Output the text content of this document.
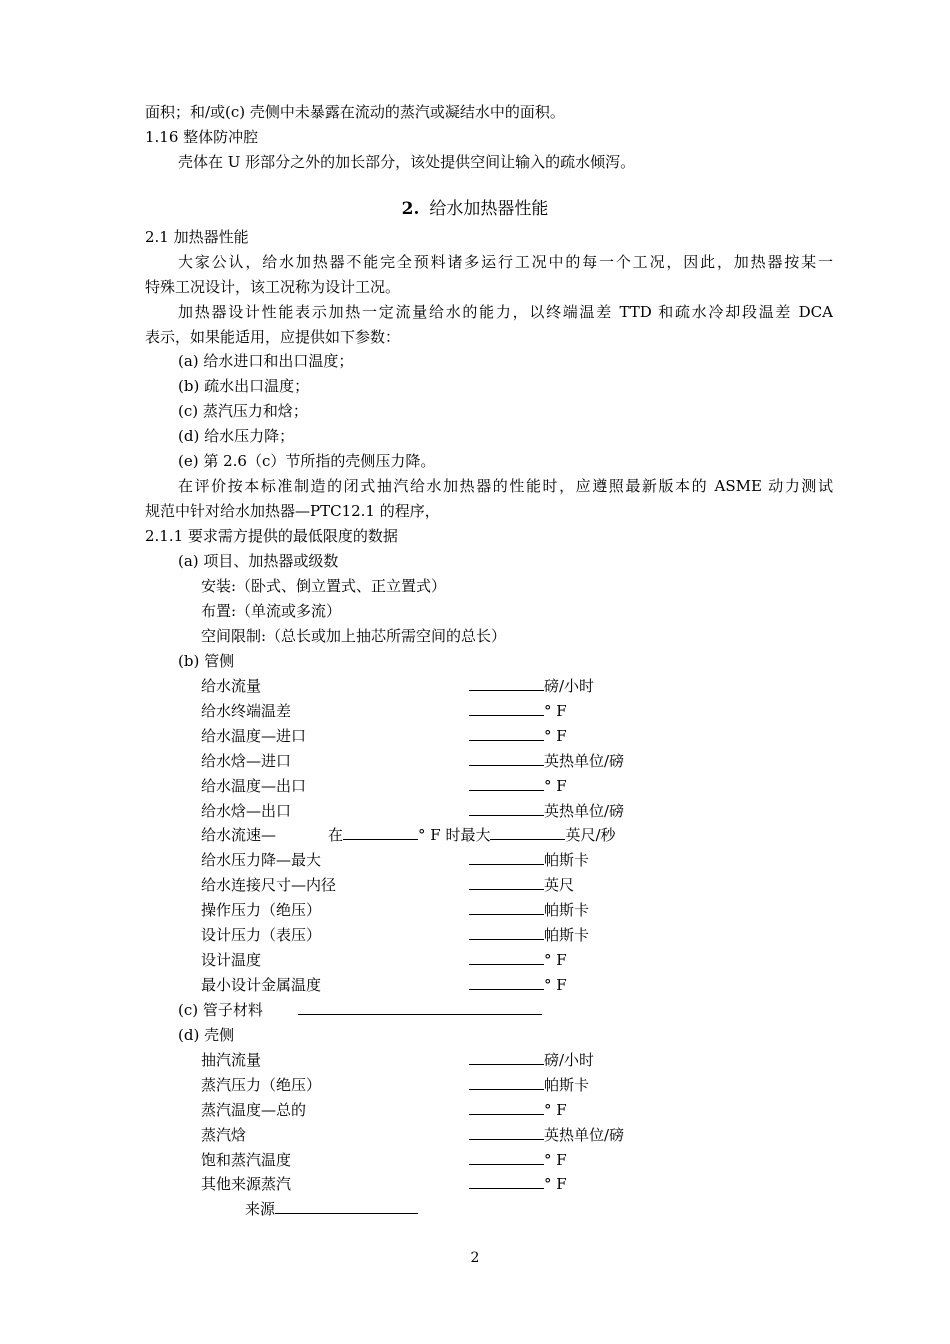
面积；和/或(c) 壳侧中未暴露在流动的蒸汽或凝结水中的面积。
1.16 整体防冲腔
壳体在 U 形部分之外的加长部分，该处提供空间让输入的疏水倾泻。
2. 给水加热器性能
2.1 加热器性能
大家公认，给水加热器不能完全预料诸多运行工况中的每一个工况，因此，加热器按某一
特殊工况设计，该工况称为设计工况。
加热器设计性能表示加热一定流量给水的能力，以终端温差 TTD 和疏水冷却段温差 DCA
表示，如果能适用，应提供如下参数：
(a) 给水进口和出口温度；
(b) 疏水出口温度；
(c) 蒸汽压力和焓；
(d) 给水压力降；
(e) 第 2.6（c）节所指的壳侧压力降。
在评价按本标准制造的闭式抽汽给水加热器的性能时，应遵照最新版本的 ASME 动力测试
规范中针对给水加热器—PTC12.1 的程序，
2.1.1 要求需方提供的最低限度的数据
(a) 项目、加热器或级数
安装:（卧式、倒立置式、正立置式）
布置:（单流或多流）
空间限制:（总长或加上抽芯所需空间的总长）
(b) 管侧
给水流量	磅/小时
给水终端温差	° F
给水温度—进口	° F
给水焓—进口	英热单位/磅
给水温度—出口	° F
给水焓—出口	英热单位/磅
给水流速—	在	° F 时最大	英尺/秒
给水压力降—最大	帕斯卡
给水连接尺寸—内径	英尺
操作压力（绝压）	帕斯卡
设计压力（表压）	帕斯卡
设计温度	° F
最小设计金属温度	° F
(c) 管子材料
(d) 壳侧
抽汽流量	磅/小时
蒸汽压力（绝压）	帕斯卡
蒸汽温度—总的	° F
蒸汽焓	英热单位/磅
饱和蒸汽温度	° F
其他来源蒸汽	° F
来源
2
